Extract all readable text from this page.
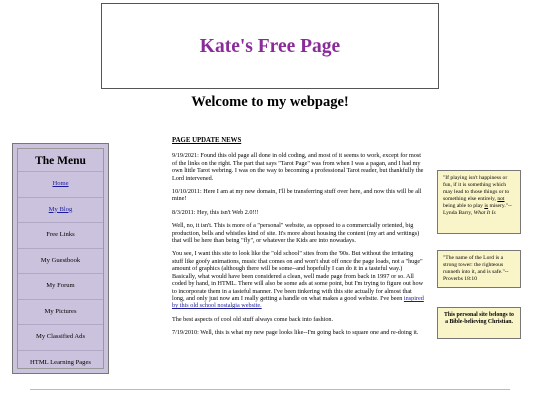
Kate's Free Page
Welcome to my webpage!
The Menu
Home
My Blog
Free Links
My Guestbook
My Forum
My Pictures
My Classified Ads
HTML Learning Pages

PAGE UPDATE NEWS

9/19/2021: Found this old page all done in old coding, and most of it seems to work, except for most of the links on the right. The part that says "Tarot Page" was from when I was a pagan, and I had my own little Tarot webring. I was on the way to becoming a professional Tarot reader, but thankfully the Lord intervened.

10/10/2011: Here I am at my new domain, I'll be transferring stuff over here, and now this will be all mine!

8/3/2011: Hey, this isn't Web 2.0!!!

Well, no, it isn't. This is more of a "personal" website, as opposed to a commercially oriented, big production, bells and whistles kind of site. It's more about housing the content (my art and writings) that will be here than being "fly", or whatever the Kids are into nowadays.

You see, I want this site to look like the "old school" sites from the '90s. But without the irritating stuff like goofy animations, music that comes on and won't shut off once the page loads, not a "huge" amount of graphics (although there will be some--and hopefully I can do it in a tasteful way.) Basically, what would have been considered a clean, well made page from back in 1997 or so. All coded by hand, in HTML. There will also be some ads at some point, but I'm trying to figure out how to incorporate them in a tasteful manner. I've been tinkering with this site actually for almost that long, and only just now am I really getting a handle on what makes a good website. I've been inspired by this old school nostalgia website.

The best aspects of cool old stuff always come back into fashion.

7/19/2010: Well, this is what my new page looks like--I'm going back to square one and re-doing it.

"If playing isn't happiness or fun, if it is something which may lead to those things or to something else entirely, not being able to play is misery."--Lynda Barry, What It Is
"The name of the Lord is a strong tower: the righteous runneth into it, and is safe."--Proverbs 18:10
This personal site belongs to a Bible-believing Christian.
